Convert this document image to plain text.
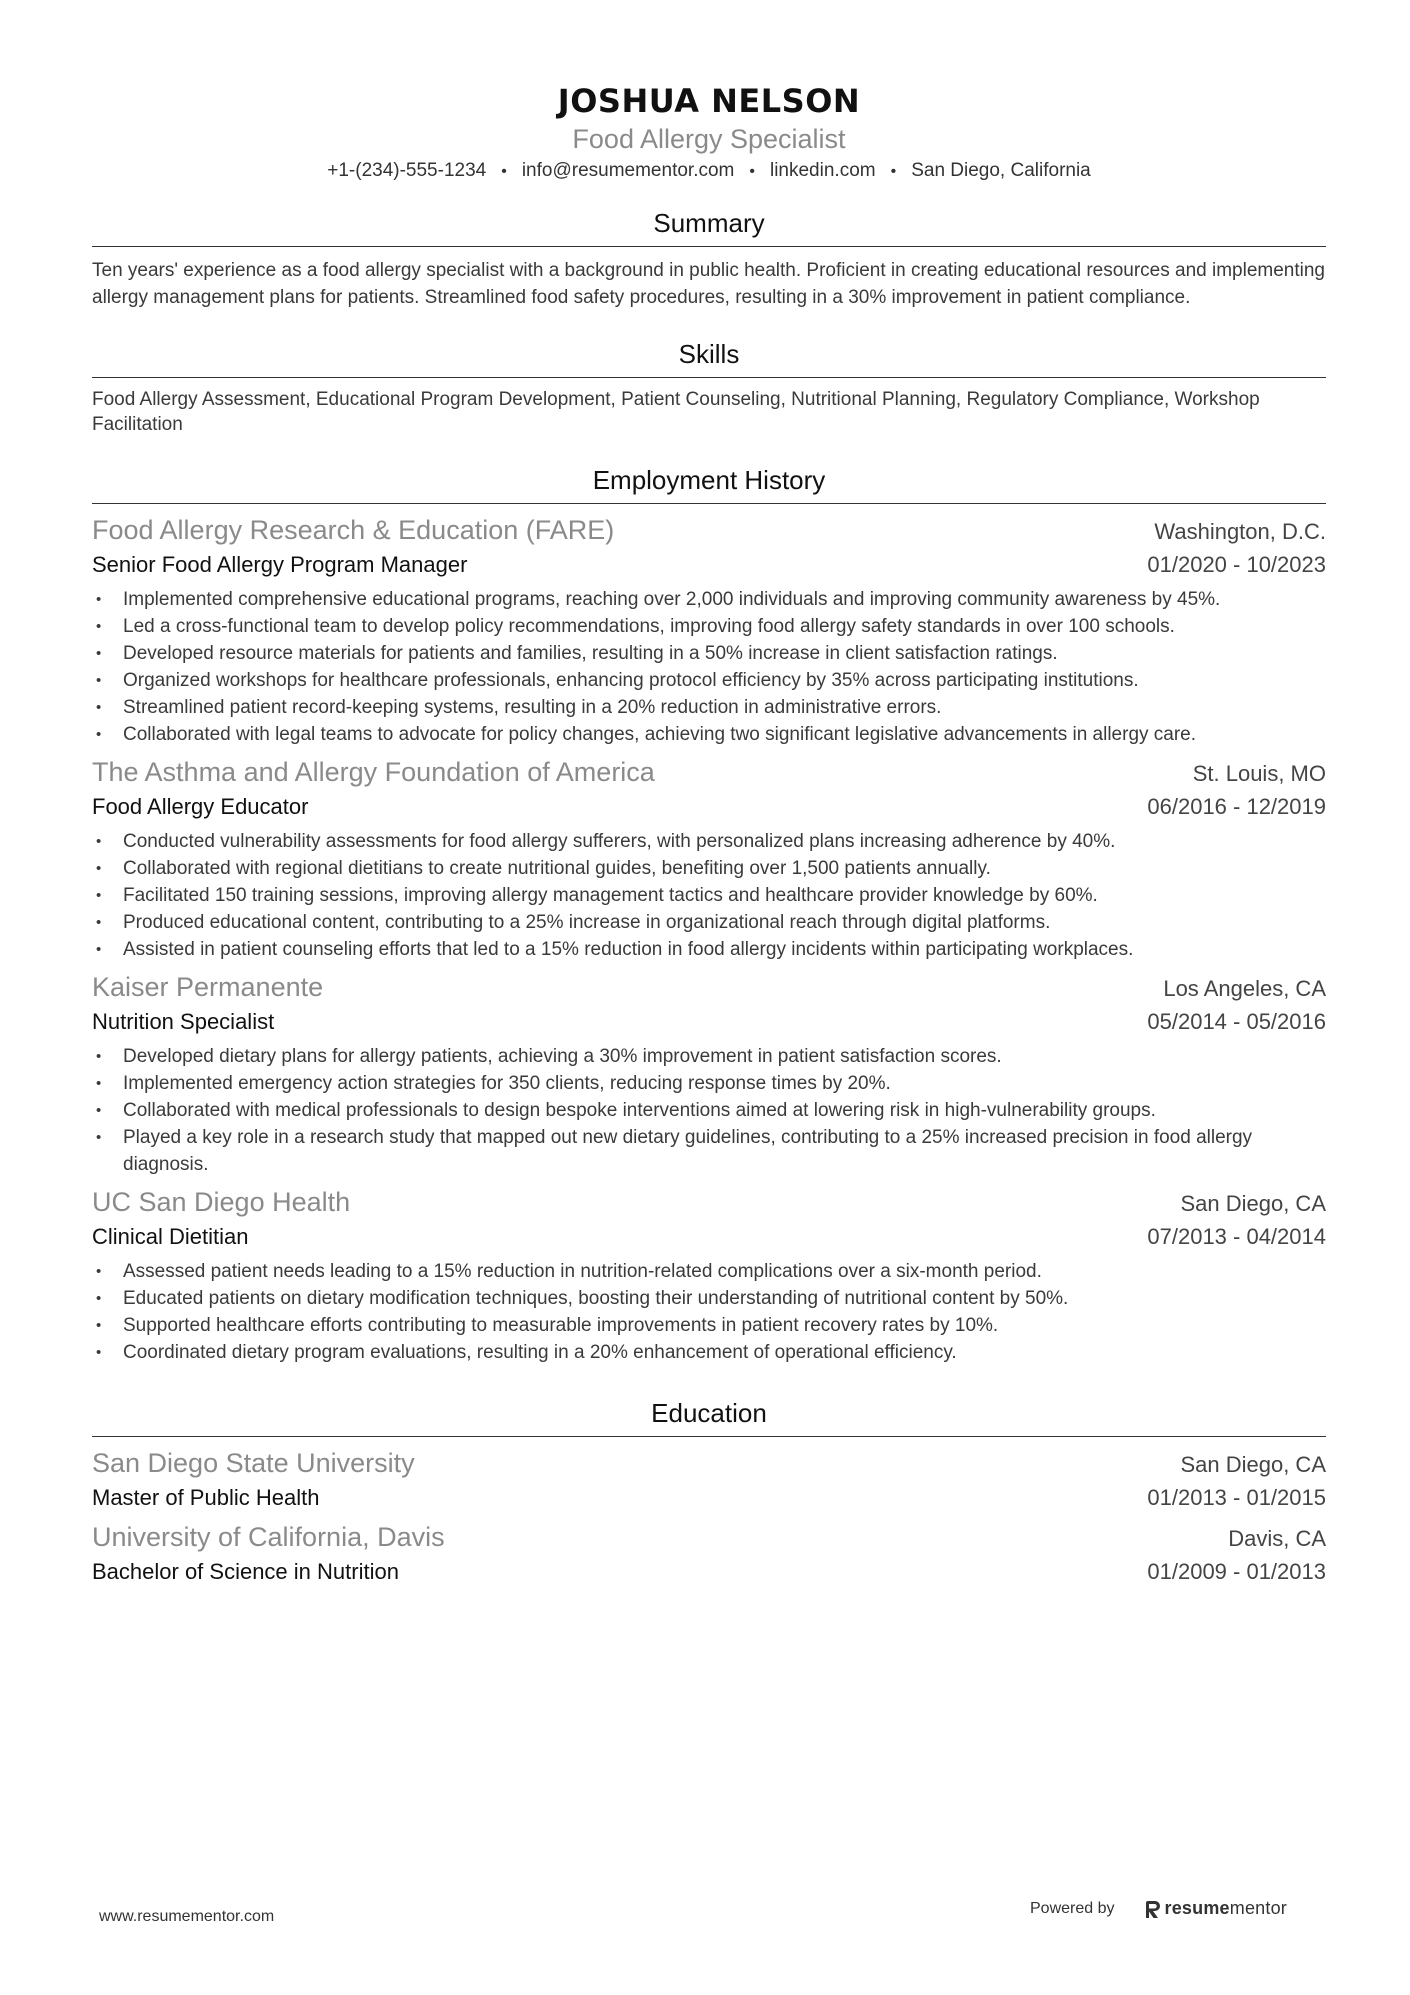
JOSHUA NELSON
Food Allergy Specialist
+1-(234)-555-1234 • info@resumementor.com • linkedin.com • San Diego, California
Summary
Ten years' experience as a food allergy specialist with a background in public health. Proficient in creating educational resources and implementing allergy management plans for patients. Streamlined food safety procedures, resulting in a 30% improvement in patient compliance.
Skills
Food Allergy Assessment, Educational Program Development, Patient Counseling, Nutritional Planning, Regulatory Compliance, Workshop Facilitation
Employment History
Food Allergy Research & Education (FARE)	Washington, D.C.
Senior Food Allergy Program Manager	01/2020 - 10/2023
• Implemented comprehensive educational programs, reaching over 2,000 individuals and improving community awareness by 45%.
• Led a cross-functional team to develop policy recommendations, improving food allergy safety standards in over 100 schools.
• Developed resource materials for patients and families, resulting in a 50% increase in client satisfaction ratings.
• Organized workshops for healthcare professionals, enhancing protocol efficiency by 35% across participating institutions.
• Streamlined patient record-keeping systems, resulting in a 20% reduction in administrative errors.
• Collaborated with legal teams to advocate for policy changes, achieving two significant legislative advancements in allergy care.
The Asthma and Allergy Foundation of America	St. Louis, MO
Food Allergy Educator	06/2016 - 12/2019
• Conducted vulnerability assessments for food allergy sufferers, with personalized plans increasing adherence by 40%.
• Collaborated with regional dietitians to create nutritional guides, benefiting over 1,500 patients annually.
• Facilitated 150 training sessions, improving allergy management tactics and healthcare provider knowledge by 60%.
• Produced educational content, contributing to a 25% increase in organizational reach through digital platforms.
• Assisted in patient counseling efforts that led to a 15% reduction in food allergy incidents within participating workplaces.
Kaiser Permanente	Los Angeles, CA
Nutrition Specialist	05/2014 - 05/2016
• Developed dietary plans for allergy patients, achieving a 30% improvement in patient satisfaction scores.
• Implemented emergency action strategies for 350 clients, reducing response times by 20%.
• Collaborated with medical professionals to design bespoke interventions aimed at lowering risk in high-vulnerability groups.
• Played a key role in a research study that mapped out new dietary guidelines, contributing to a 25% increased precision in food allergy diagnosis.
UC San Diego Health	San Diego, CA
Clinical Dietitian	07/2013 - 04/2014
• Assessed patient needs leading to a 15% reduction in nutrition-related complications over a six-month period.
• Educated patients on dietary modification techniques, boosting their understanding of nutritional content by 50%.
• Supported healthcare efforts contributing to measurable improvements in patient recovery rates by 10%.
• Coordinated dietary program evaluations, resulting in a 20% enhancement of operational efficiency.
Education
San Diego State University	San Diego, CA
Master of Public Health	01/2013 - 01/2015
University of California, Davis	Davis, CA
Bachelor of Science in Nutrition	01/2009 - 01/2013
www.resumementor.com	Powered by	resumementor
